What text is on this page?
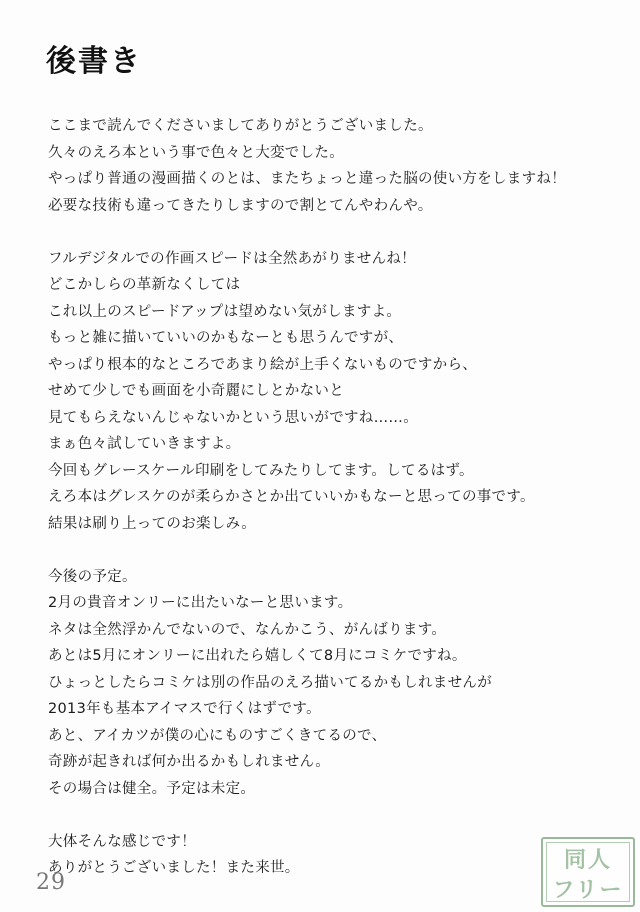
後書き
ここまで読んでくださいましてありがとうございました。
久々のえろ本という事で色々と大変でした。
やっぱり普通の漫画描くのとは、またちょっと違った脳の使い方をしますね！
必要な技術も違ってきたりしますので割とてんやわんや。
フルデジタルでの作画スピードは全然あがりませんね！
どこかしらの革新なくしては
これ以上のスピードアップは望めない気がしますよ。
もっと雑に描いていいのかもなーとも思うんですが、
やっぱり根本的なところであまり絵が上手くないものですから、
せめて少しでも画面を小奇麗にしとかないと
見てもらえないんじゃないかという思いがですね……。
まぁ色々試していきますよ。
今回もグレースケール印刷をしてみたりしてます。してるはず。
えろ本はグレスケのが柔らかさとか出ていいかもなーと思っての事です。
結果は刷り上ってのお楽しみ。
今後の予定。
2月の貴音オンリーに出たいなーと思います。
ネタは全然浮かんでないので、なんかこう、がんばります。
あとは5月にオンリーに出れたら嬉しくて8月にコミケですね。
ひょっとしたらコミケは別の作品のえろ描いてるかもしれませんが
2013年も基本アイマスで行くはずです。
あと、アイカツが僕の心にものすごくきてるので、
奇跡が起きれば何か出るかもしれません。
その場合は健全。予定は未定。
大体そんな感じです！
ありがとうございました！また来世。
29
同人
フリー
